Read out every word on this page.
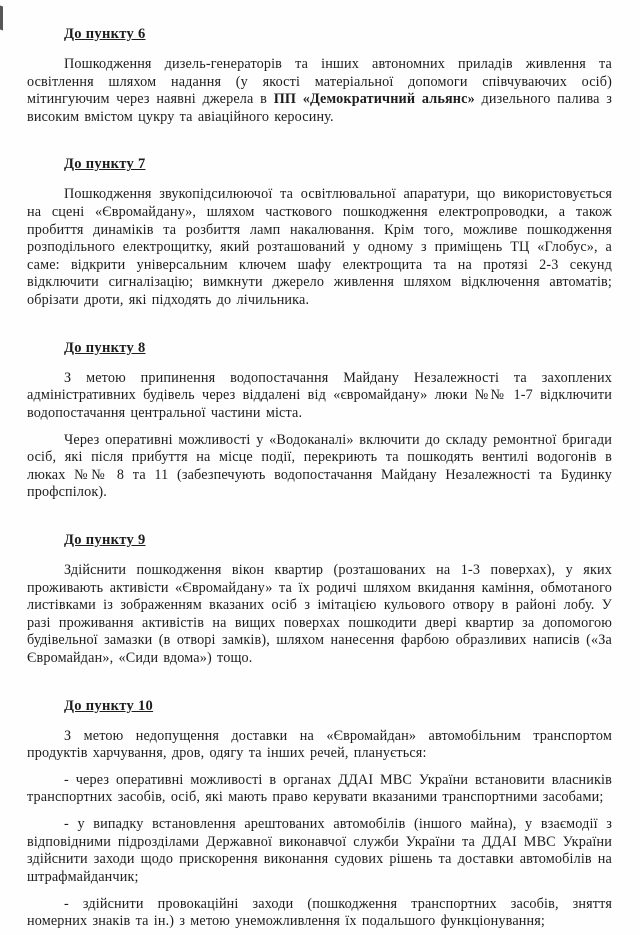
До пункту 6

Пошкодження дизель-генераторів та інших автономних приладів живлення та освітлення шляхом надання (у якості матеріальної допомоги співчуваючих осіб) мітингуючим через наявні джерела в ПП «Демократичний альянс» дизельного палива з високим вмістом цукру та авіаційного керосину.

До пункту 7

Пошкодження звукопідсилюючої та освітлювальної апаратури, що використовується на сцені «Євромайдану», шляхом часткового пошкодження електропроводки, а також пробиття динаміків та розбиття ламп накалювання. Крім того, можливе пошкодження розподільного електрощитку, який розташований у одному з приміщень ТЦ «Глобус», а саме: відкрити універсальним ключем шафу електрощита та на протязі 2-3 секунд відключити сигналізацію; вимкнути джерело живлення шляхом відключення автоматів; обрізати дроти, які підходять до лічильника.

До пункту 8

З метою припинення водопостачання Майдану Незалежності та захоплених адміністративних будівель через віддалені від «євромайдану» люки №№ 1-7 відключити водопостачання центральної частини міста.

Через оперативні можливості у «Водоканалі» включити до складу ремонтної бригади осіб, які після прибуття на місце події, перекриють та пошкодять вентилі водогонів в люках №№ 8 та 11 (забезпечують водопостачання Майдану Незалежності та Будинку профспілок).

До пункту 9

Здійснити пошкодження вікон квартир (розташованих на 1-3 поверхах), у яких проживають активісти «Євромайдану» та їх родичі шляхом вкидання каміння, обмотаного листівками із зображенням вказаних осіб з імітацією кульового отвору в районі лобу. У разі проживання активістів на вищих поверхах пошкодити двері квартир за допомогою будівельної замазки (в отворі замків), шляхом нанесення фарбою образливих написів («За Євромайдан», «Сиди вдома») тощо.

До пункту 10

З метою недопущення доставки на «Євромайдан» автомобільним транспортом продуктів харчування, дров, одягу та інших речей, планується:

- через оперативні можливості в органах ДДАІ МВС України встановити власників транспортних засобів, осіб, які мають право керувати вказаними транспортними засобами;

- у випадку встановлення арештованих автомобілів (іншого майна), у взаємодії з відповідними підрозділами Державної виконавчої служби України та ДДАІ МВС України здійснити заходи щодо прискорення виконання судових рішень та доставки автомобілів на штрафмайданчик;

- здійснити провокаційні заходи (пошкодження транспортних засобів, зняття номерних знаків та ін.) з метою унеможливлення їх подальшого функціонування;
